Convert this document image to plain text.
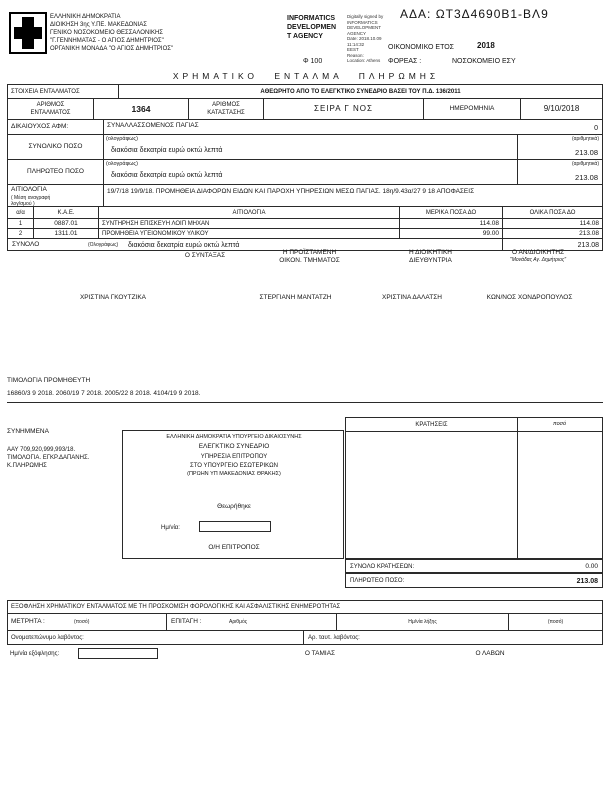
ΕΛΛΗΝΙΚΗ ΔΗΜΟΚΡΑΤΙΑ
ΔΙΟΙΚΗΣΗ 3ης Υ.ΠΕ. ΜΑΚΕΔΟΝΙΑΣ
ΓΕΝΙΚΟ ΝΟΣΟΚΟΜΕΙΟ ΘΕΣΣΑΛΟΝΙΚΗΣ
"Γ.ΓΕΝΝΗΜΑΤΑΣ - Ο ΑΓΙΟΣ ΔΗΜΗΤΡΙΟΣ"
ΟΡΓΑΝΙΚΗ ΜΟΝΑΔΑ "Ο ΑΓΙΟΣ ΔΗΜΗΤΡΙΟΣ"
INFORMATICS
DEVELOPMEN
T AGENCY
Digitally signed by
INFORMATICS
DEVELOPMENT AGENCY
Date: 2018.10.09 11:14:32
EEST
Reason:
Location: Athens
ΑΔΑ: ΩΤ3Δ4690Β1-ΒΛ9
ΟΙΚΟΝΟΜΙΚΟ ΕΤΟΣ	2018
Φ 100	ΦΟΡΕΑΣ :	ΝΟΣΟΚΟΜΕΙΟ ΕΣΥ
ΧΡΗΜΑΤΙΚΟ ΕΝΤΑΛΜΑ ΠΛΗΡΩΜΗΣ
ΣΤΟΙΧΕΙΑ ΕΝΤΑΛΜΑΤΟΣ	ΑΘΕΩΡΗΤΟ ΑΠΟ ΤΟ ΕΛΕΓΚΤΙΚΟ ΣΥΝΕΔΡΙΟ ΒΑΣΕΙ ΤΟΥ Π.Δ. 136/2011
ΑΡΙΘΜΟΣ
ΕΝΤΑΛΜΑΤΟΣ	1364	ΑΡΙΘΜΟΣ
ΚΑΤΑΣΤΑΣΗΣ	ΣΕΙΡΑ Γ ΝΟΣ	ΗΜΕΡΟΜΗΝΙΑ	9/10/2018
ΔΙΚΑΙΟΥΧΟΣ ΑΦΜ:	ΣΥΝΑΛΛΑΣΣΟΜΕΝΟΣ ΠΑΓΙΑΣ	0
ΣΥΝΟΛΙΚΟ ΠΟΣΟ
(ολογράφως)
διακόσια δεκατρία ευρώ οκτώ λεπτά
(αριθμητικά)
213.08
ΠΛΗΡΩΤΕΟ ΠΟΣΟ
(ολογράφως)
διακόσια δεκατρία ευρώ οκτώ λεπτά
(αριθμητικά)
213.08
ΑΙΤΙΟΛΟΓΙΑ
( Μέση αναγραφή
λογ/σμού )
19/7/18 19/9/18. ΠΡΟΜΗΘΕΙΑ ΔΙΑΦΟΡΩΝ ΕΙΔΩΝ ΚΑΙ ΠΑΡΟΧΗ ΥΠΗΡΕΣΙΩΝ ΜΕΣΩ ΠΑΓΙΑΣ. 18η/9.43α/27 9 18 ΑΠΟΦΑΣΕΙΣ
α/α	Κ.Α.Ε.	ΑΙΤΙΟΛΟΓΙΑ	ΜΕΡΙΚΑ ΠΟΣΑ ΔΟ	ΟΛΙΚΑ ΠΟΣΑ ΔΟ
1	0887.01	ΣΥΝΤΗΡΗΣΗ ΕΠΙΣΚΕΥΗ ΛΟΙΠ ΜΗΧΑΝ	114.08	114.08
2	1311.01	ΠΡΟΜΗΘΕΙΑ ΥΓΕΙΟΝΟΜΙΚΟΥ ΥΛΙΚΟΥ	99.00	213.08
ΣΥΝΟΛΟ	(Ολογράφως) διακόσια δεκατρία ευρώ οκτώ λεπτά	213.08
Ο ΣΥΝΤΑΞΑΣ	Η ΠΡΟΪΣΤΑΜΕΝΗ
ΟΙΚΟΝ. ΤΜΗΜΑΤΟΣ
Η ΔΙΟΙΚΗΤΙΚΗ
ΔΙΕΥΘΥΝΤΡΙΑ
Ο ΑΝ/ΔΙΟΙΚΗΤΗΣ
"Μονάδας Αγ. Δημήτριος"
ΧΡΙΣΤΙΝΑ ΓΚΟΥΤΖΙΚΑ	ΣΤΕΡΓΙΑΝΗ ΜΑΝΤΑΤΖΗ	ΧΡΙΣΤΙΝΑ ΔΑΛΑΤΣΗ	ΚΩΝ/ΝΟΣ ΧΟΝΔΡΟΠΟΥΛΟΣ
ΤΙΜΟΛΟΓΙΑ ΠΡΟΜΗΘΕΥΤΗ
16860/3 9 2018. 2060/19 7 2018. 2005/22 8 2018. 4104/19 9 2018.
ΣΥΝΗΜΜΕΝΑ
ΑΑΥ 709,920,999,993/18.
ΤΙΜΟΛΟΓΙΑ. ΕΓΚΡ.ΔΑΠΑΝΗΣ.
Κ.ΠΛΗΡΩΜΗΣ
ΕΛΛΗΝΙΚΗ ΔΗΜΟΚΡΑΤΙΑ ΥΠΟΥΡΓΕΙΟ ΔΙΚΑΙΟΣΥΝΗΣ
ΕΛΕΓΚΤΙΚΟ ΣΥΝΕΔΡΙΟ
ΥΠΗΡΕΣΙΑ ΕΠΙΤΡΟΠΟΥ
ΣΤΟ ΥΠΟΥΡΓΕΙΟ ΕΣΩΤΕΡΙΚΩΝ
(ΠΡΩΗΝ ΥΠ ΜΑΚΕΔΟΝΙΑΣ ΘΡΑΚΗΣ)
Θεωρήθηκε
Ημ/νία:
Ο/Η ΕΠΙΤΡΟΠΟΣ
ΚΡΑΤΗΣΕΙΣ	ποσό
ΣΥΝΟΛΟ ΚΡΑΤΗΣΕΩΝ:	0.00
ΠΛΗΡΩΤΕΟ ΠΟΣΟ:	213.08
ΕΞΟΦΛΗΣΗ ΧΡΗΜΑΤΙΚΟΥ ΕΝΤΑΛΜΑΤΟΣ ΜΕ ΤΗ ΠΡΟΣΚΟΜΙΣΗ ΦΟΡΟΛΟΓΙΚΗΣ ΚΑΙ ΑΣΦΑΛΙΣΤΙΚΗΣ ΕΝΗΜΕΡΟΤΗΤΑΣ
ΜΕΤΡΗΤΑ :	(ποσό)	ΕΠΙΤΑΓΗ :	Αριθμός	Ημ/νία λήξης	(ποσό)
Ονοματεπώνυμο λαβόντος:	Αρ. ταυτ. λαβόντος:
Ημ/νία εξόφλησης:	Ο ΤΑΜΙΑΣ	Ο ΛΑΒΩΝ
